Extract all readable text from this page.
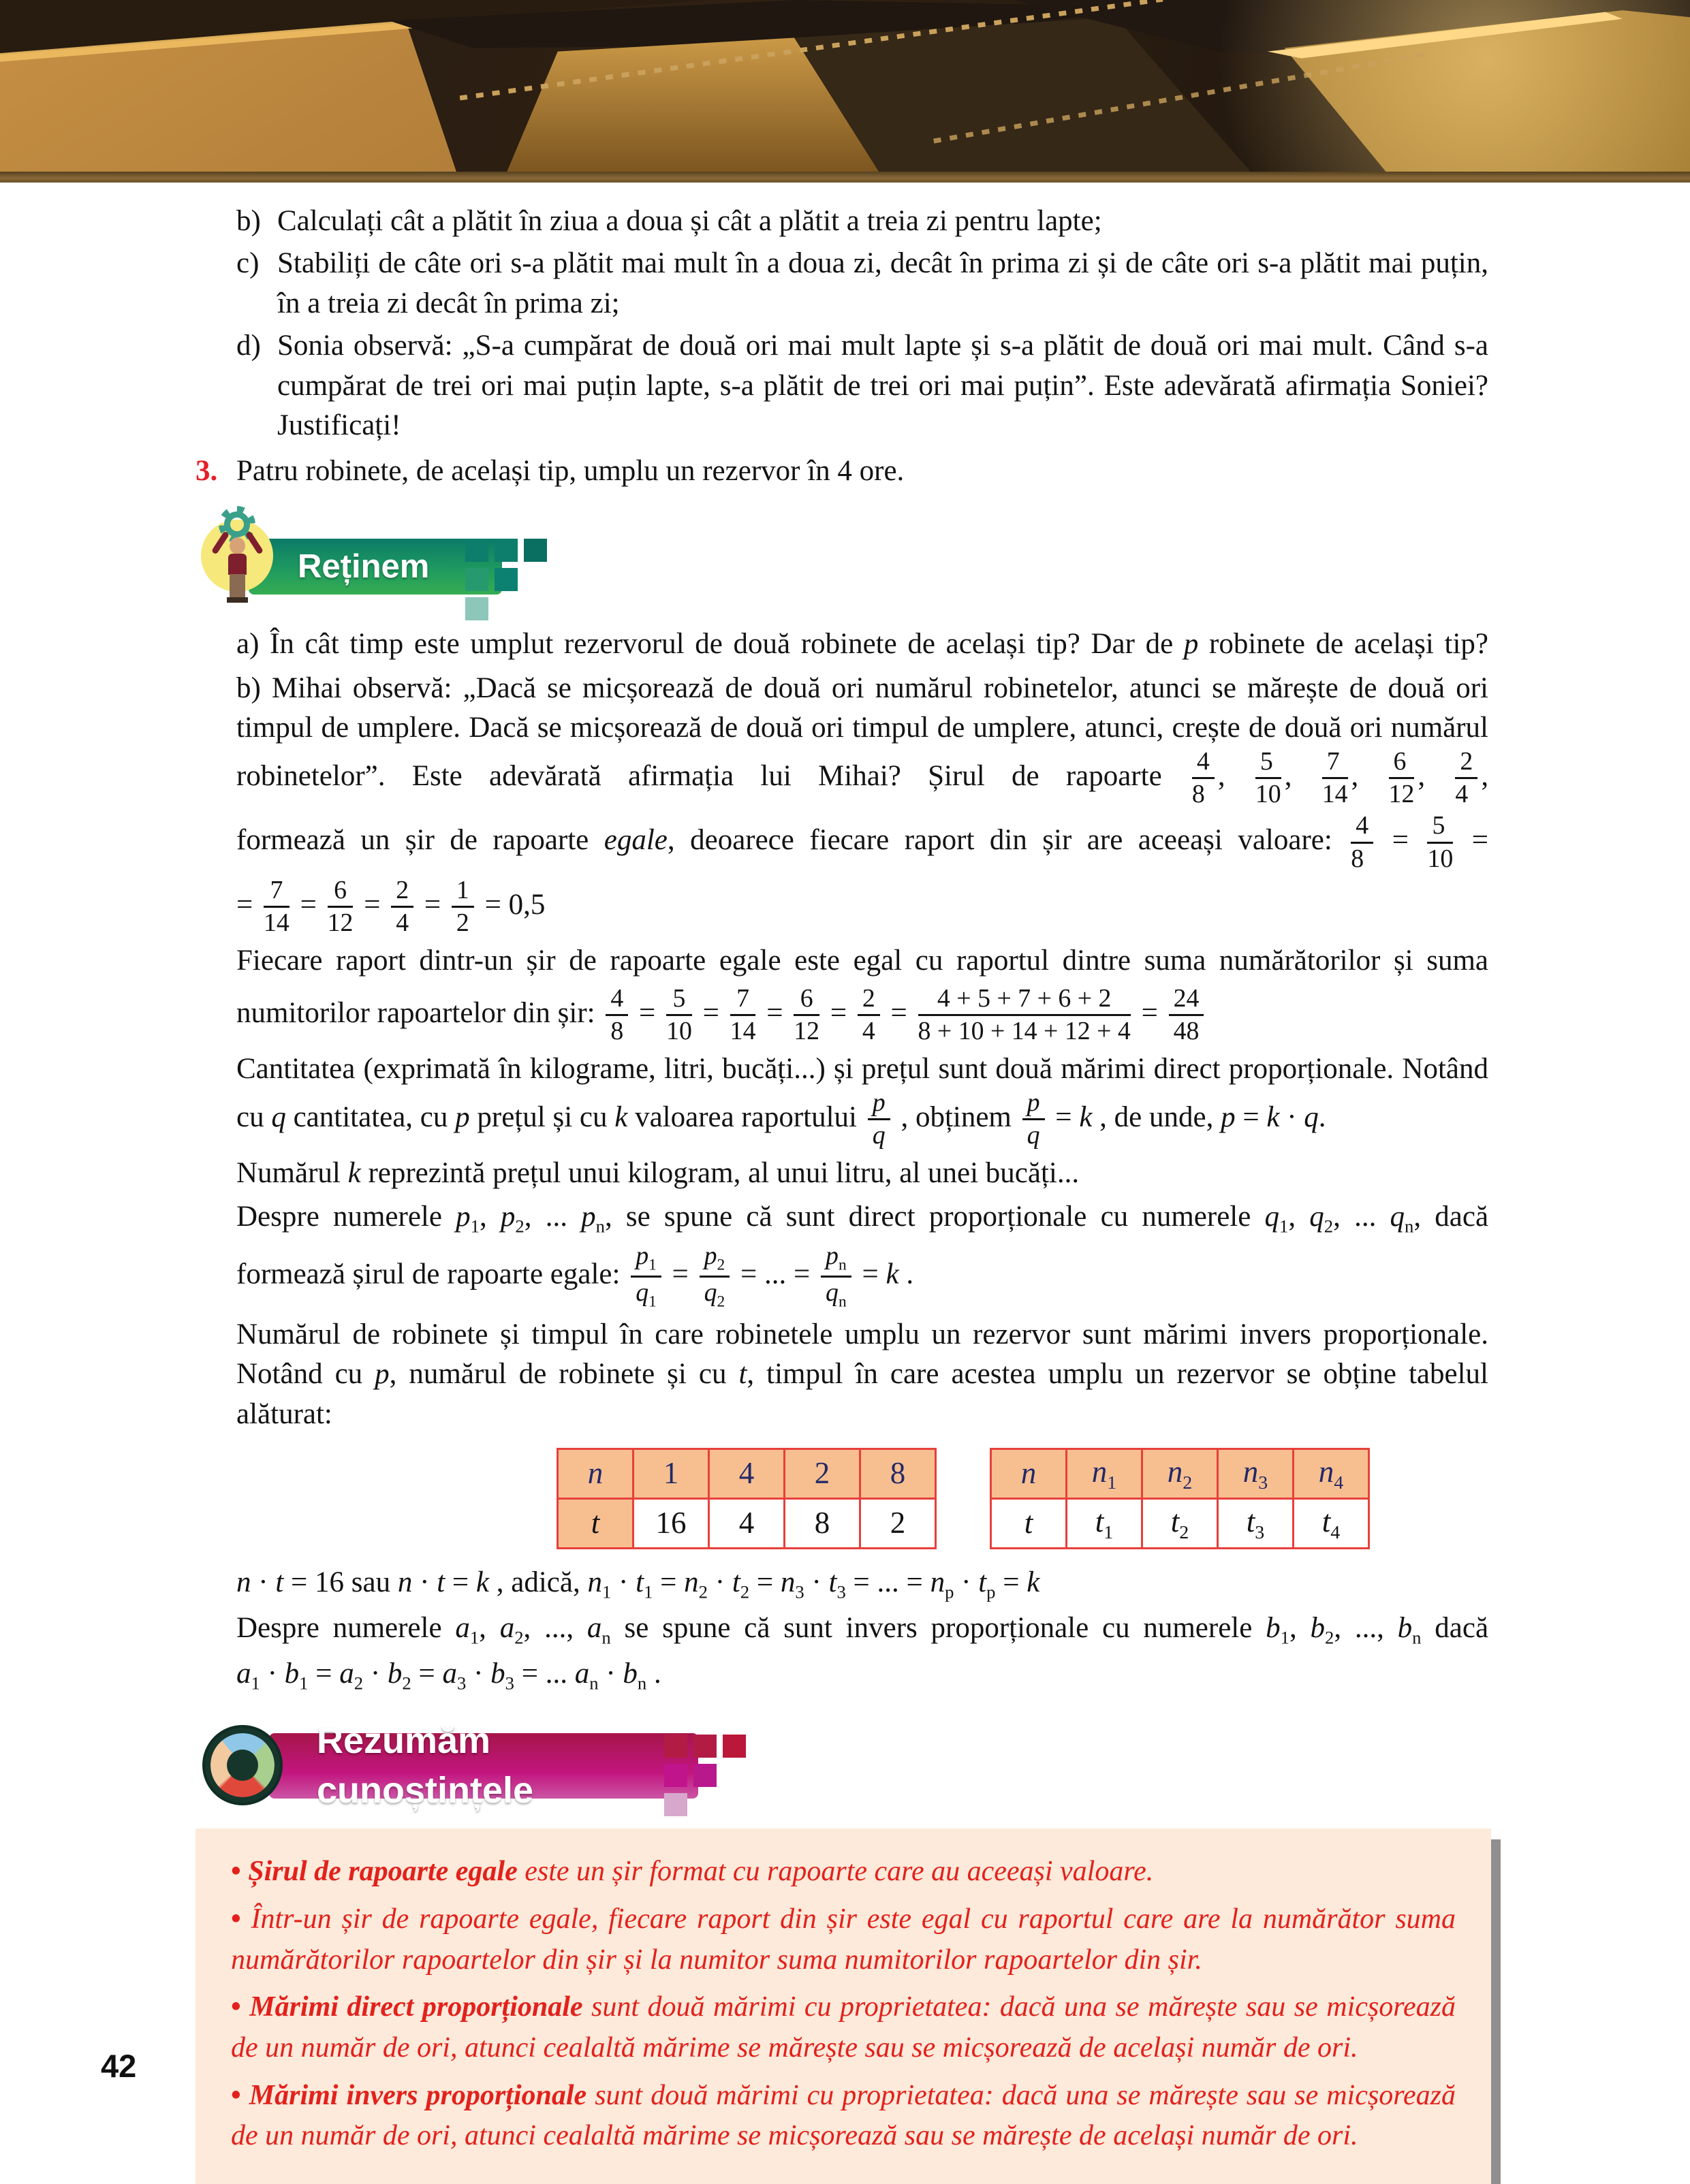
b) Calculați cât a plătit în ziua a doua și cât a plătit a treia zi pentru lapte;
c) Stabiliți de câte ori s-a plătit mai mult în a doua zi, decât în prima zi și de câte ori s-a plătit mai puțin, în a treia zi decât în prima zi;
d) Sonia observă: „S-a cumpărat de două ori mai mult lapte și s-a plătit de două ori mai mult. Când s-a cumpărat de trei ori mai puțin lapte, s-a plătit de trei ori mai puțin”. Este adevărată afirmația Soniei? Justificați!
3. Patru robinete, de același tip, umplu un rezervor în 4 ore.
Reținem
a) În cât timp este umplut rezervorul de două robinete de același tip? Dar de p robinete de același tip?
b) Mihai observă: „Dacă se micșorează de două ori numărul robinetelor, atunci se mărește de două ori timpul de umplere. Dacă se micșorează de două ori timpul de umplere, atunci, crește de două ori numărul robinetelor”. Este adevărată afirmația lui Mihai? Șirul de rapoarte $\frac{4}{8}$ , $\frac{5}{10}$ , $\frac{7}{14}$ , $\frac{6}{12}$ , $\frac{2}{4}$ ,
formează un șir de rapoarte egale, deoarece fiecare raport din șir are aceeași valoare: $\frac{4}{8} = \frac{5}{10}$ =
= $\frac{7}{14} = \frac{6}{12} = \frac{2}{4} = \frac{1}{2} = 0,5$
Fiecare raport dintr-un șir de rapoarte egale este egal cu raportul dintre suma numărătorilor și suma
numitorilor rapoartelor din șir: $\frac{4}{8} = \frac{5}{10} = \frac{7}{14} = \frac{6}{12} = \frac{2}{4} = \frac{4 + 5 + 7 + 6 + 2}{8 + 10 + 14 + 12 + 4} = \frac{24}{48}$
Cantitatea (exprimată în kilograme, litri, bucăți...) și prețul sunt două mărimi direct proporționale. Notând cu q cantitatea, cu p prețul și cu k valoarea raportului $\frac{p}{q}$ , obținem $\frac{p}{q} = k$ , de unde, p = k · q.
Numărul k reprezintă prețul unui kilogram, al unui litru, al unei bucăți...
Despre numerele $p_1$, $p_2$, ... $p_n$, se spune că sunt direct proporționale cu numerele $q_1$, $q_2$, ... $q_n$, dacă
formează șirul de rapoarte egale: $\frac{p_1}{q_1} = \frac{p_2}{q_2}$ = ... = $\frac{p_n}{q_n} = k$ .
Numărul de robinete și timpul în care robinetele umplu un rezervor sunt mărimi invers proporționale. Notând cu p, numărul de robinete și cu t, timpul în care acestea umplu un rezervor se obține tabelul alăturat:
n	1	4	2	8
t	16	4	8	2
n	$n_1$	$n_2$	$n_3$	$n_4$
t	$t_1$	$t_2$	$t_3$	$t_4$
n · t = 16 sau n · t = k , adică, $n_1 \cdot t_1 = n_2 \cdot t_2 = n_3 \cdot t_3$ = ... = $n_p \cdot t_p = k$
Despre numerele $a_1$, $a_2$, ..., $a_n$ se spune că sunt invers proporționale cu numerele $b_1$, $b_2$, ..., $b_n$ dacă
$a_1 \cdot b_1 = a_2 \cdot b_2 = a_3 \cdot b_3$ = ... $a_n \cdot b_n$ .
Rezumăm cunoștințele
• Șirul de rapoarte egale este un șir format cu rapoarte care au aceeași valoare.
• Într-un șir de rapoarte egale, fiecare raport din șir este egal cu raportul care are la numărător suma numărătorilor rapoartelor din șir și la numitor suma numitorilor rapoartelor din șir.
• Mărimi direct proporționale sunt două mărimi cu proprietatea: dacă una se mărește sau se micșorează de un număr de ori, atunci cealaltă mărime se mărește sau se micșorează de același număr de ori.
• Mărimi invers proporționale sunt două mărimi cu proprietatea: dacă una se mărește sau se micșorează de un număr de ori, atunci cealaltă mărime se micșorează sau se mărește de același număr de ori.
42
